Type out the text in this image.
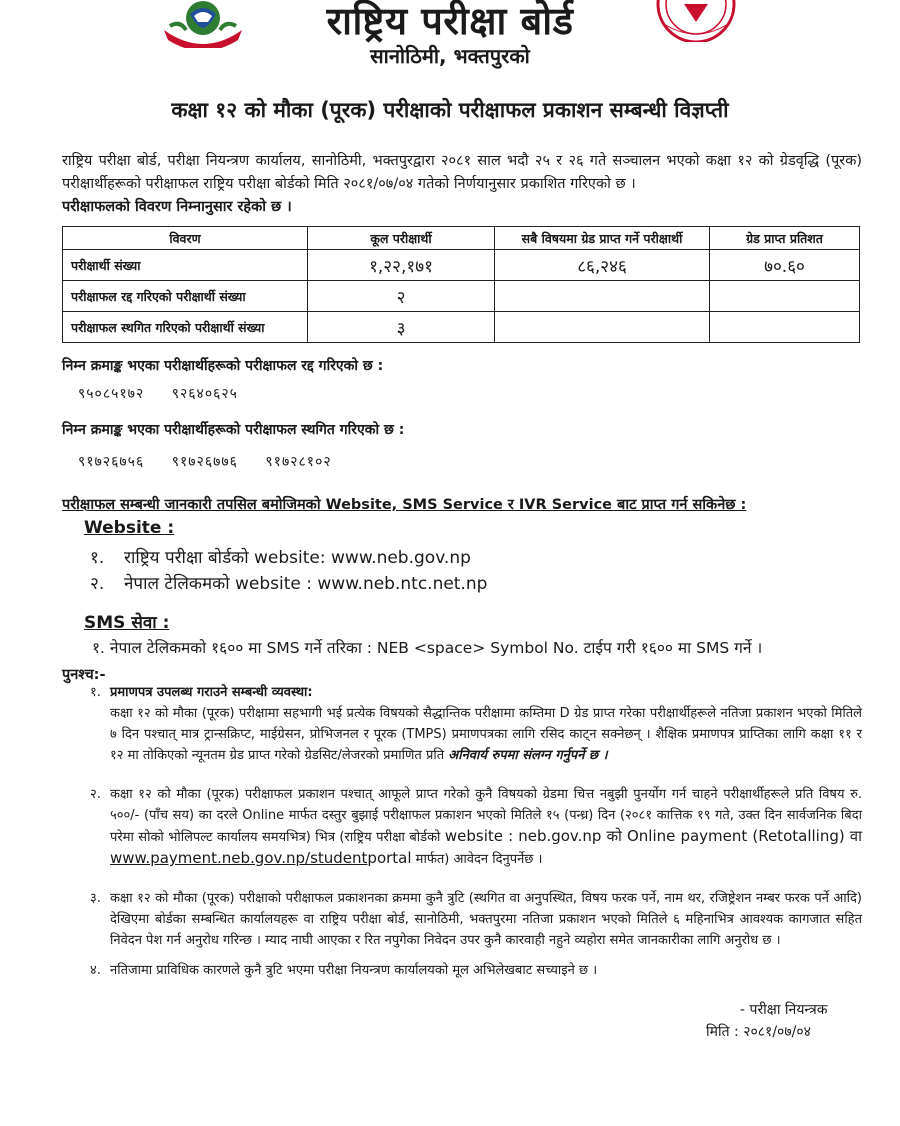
राष्ट्रिय परीक्षा बोर्ड
सानोठिमी, भक्तपुरको
कक्षा १२ को मौका (पूरक) परीक्षाको परीक्षाफल प्रकाशन सम्बन्धी विज्ञप्ती
राष्ट्रिय परीक्षा बोर्ड, परीक्षा नियन्त्रण कार्यालय, सानोठिमी, भक्तपुरद्वारा २०८१ साल भदौ २५ र २६ गते सञ्चालन भएको कक्षा १२ को ग्रेडवृद्धि (पूरक) परीक्षार्थीहरूको परीक्षाफल राष्ट्रिय परीक्षा बोर्डको मिति २०८१/०७/०४ गतेको निर्णयानुसार प्रकाशित गरिएको छ ।
परीक्षाफलको विवरण निम्नानुसार रहेको छ ।
विवरण	कूल परीक्षार्थी	सबै विषयमा ग्रेड प्राप्त गर्ने परीक्षार्थी	ग्रेड प्राप्त प्रतिशत
परीक्षार्थी संख्या	१,२२,१७१	८६,२४६	७०.६०
परीक्षाफल रद्द गरिएको परीक्षार्थी संख्या	२		
परीक्षाफल स्थगित गरिएको परीक्षार्थी संख्या	३		
निम्न क्रमाङ्क भएका परीक्षार्थीहरूको परीक्षाफल रद्द गरिएको छ :
९५०८५१७२ ९२६४०६२५
निम्न क्रमाङ्क भएका परीक्षार्थीहरूको परीक्षाफल स्थगित गरिएको छ :
९१७२६७५६ ९१७२६७७६ ९१७२८१०२
परीक्षाफल सम्बन्धी जानकारी तपसिल बमोजिमको Website, SMS Service र IVR Service बाट प्राप्त गर्न सकिनेछ :
Website :
१. राष्ट्रिय परीक्षा बोर्डको website: www.neb.gov.np
२. नेपाल टेलिकमको website : www.neb.ntc.net.np
SMS सेवा :
१. नेपाल टेलिकमको १६०० मा SMS गर्ने तरिका : NEB <space> Symbol No. टाईप गरी १६०० मा SMS गर्ने ।
पुनश्च:-
१. प्रमाणपत्र उपलब्ध गराउने सम्बन्धी व्यवस्था:
कक्षा १२ को मौका (पूरक) परीक्षामा सहभागी भई प्रत्येक विषयको सैद्धान्तिक परीक्षामा कम्तिमा D ग्रेड प्राप्त गरेका परीक्षार्थीहरूले नतिजा प्रकाशन भएको मितिले ७ दिन पश्चात् मात्र ट्रान्सक्रिप्ट, माईग्रेसन, प्रोभिजनल र पूरक (TMPS) प्रमाणपत्रका लागि रसिद काट्न सक्नेछन् । शैक्षिक प्रमाणपत्र प्राप्तिका लागि कक्षा ११ र १२ मा तोकिएको न्यूनतम ग्रेड प्राप्त गरेको ग्रेडसिट/लेजरको प्रमाणित प्रति अनिवार्य रुपमा संलग्न गर्नुपर्ने छ ।
२. कक्षा १२ को मौका (पूरक) परीक्षाफल प्रकाशन पश्चात् आफूले प्राप्त गरेको कुनै विषयको ग्रेडमा चित्त नबुझी पुनर्योग गर्न चाहने परीक्षार्थीहरूले प्रति विषय रु. ५००/- (पाँच सय) का दरले Online मार्फत दस्तुर बुझाई परीक्षाफल प्रकाशन भएको मितिले १५ (पन्ध्र) दिन (२०८१ कात्तिक १९ गते, उक्त दिन सार्वजनिक बिदा परेमा सोको भोलिपल्ट कार्यालय समयभित्र) भित्र (राष्ट्रिय परीक्षा बोर्डको website : neb.gov.np को Online payment (Retotalling) वा www.payment.neb.gov.np/studentportal मार्फत) आवेदन दिनुपर्नेछ ।
३. कक्षा १२ को मौका (पूरक) परीक्षाको परीक्षाफल प्रकाशनका क्रममा कुनै त्रुटि (स्थगित वा अनुपस्थित, विषय फरक पर्ने, नाम थर, रजिष्ट्रेशन नम्बर फरक पर्ने आदि) देखिएमा बोर्डका सम्बन्धित कार्यालयहरू वा राष्ट्रिय परीक्षा बोर्ड, सानोठिमी, भक्तपुरमा नतिजा प्रकाशन भएको मितिले ६ महिनाभित्र आवश्यक कागजात सहित निवेदन पेश गर्न अनुरोध गरिन्छ । म्याद नाघी आएका र रित नपुगेका निवेदन उपर कुनै कारवाही नहुने व्यहोरा समेत जानकारीका लागि अनुरोध छ ।
४. नतिजामा प्राविधिक कारणले कुनै त्रुटि भएमा परीक्षा नियन्त्रण कार्यालयको मूल अभिलेखबाट सच्याइने छ ।
- परीक्षा नियन्त्रक
मिति : २०८१/०७/०४
